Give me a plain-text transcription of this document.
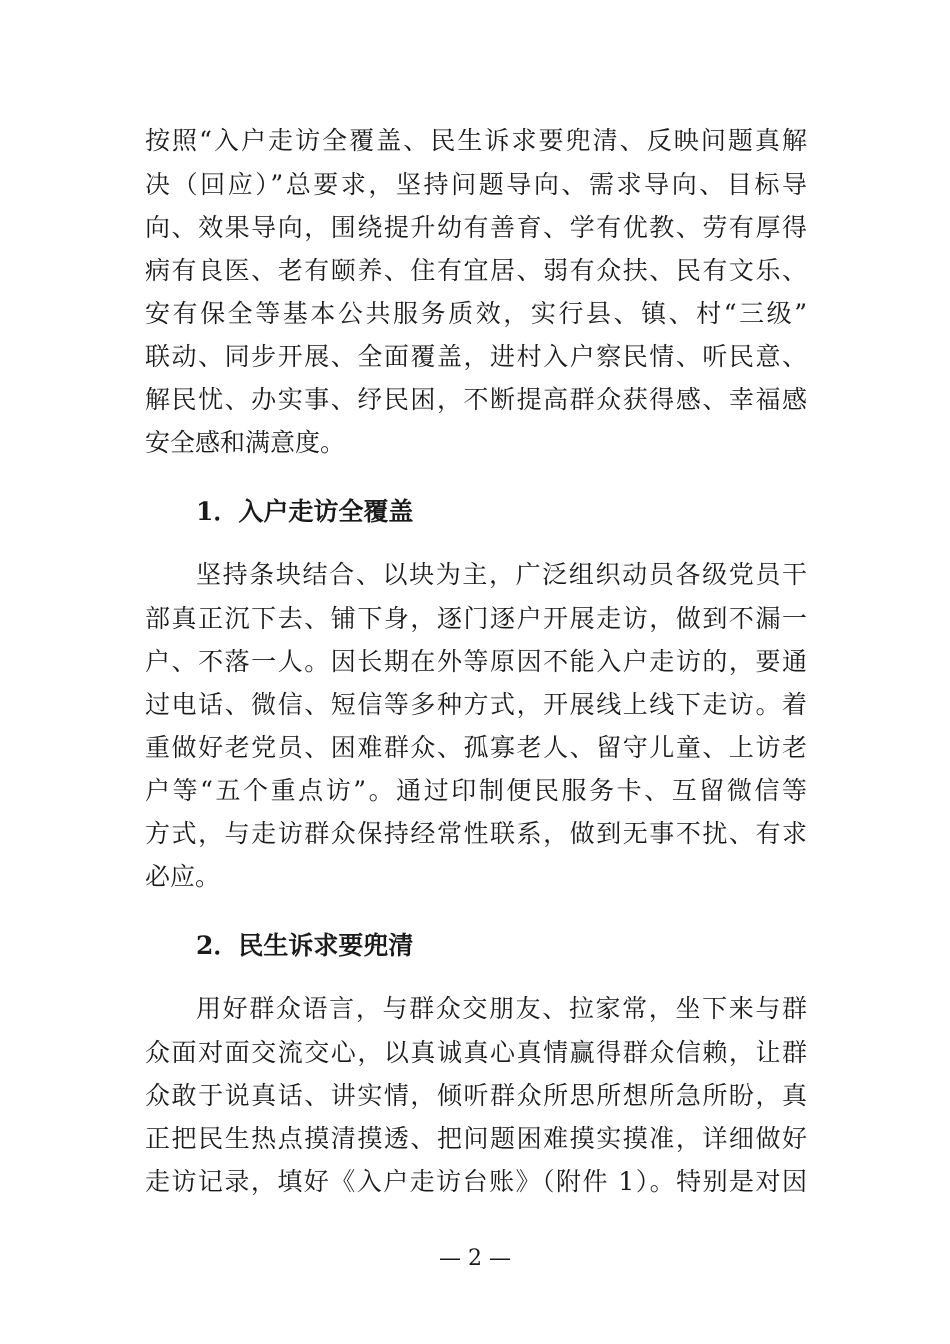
按照“入户走访全覆盖、民生诉求要兜清、反映问题真解
决（回应）”总要求，坚持问题导向、需求导向、目标导
向、效果导向，围绕提升幼有善育、学有优教、劳有厚得
病有良医、老有颐养、住有宜居、弱有众扶、民有文乐、
安有保全等基本公共服务质效，实行县、镇、村“三级”
联动、同步开展、全面覆盖，进村入户察民情、听民意、
解民忧、办实事、纾民困，不断提高群众获得感、幸福感
安全感和满意度。
1．入户走访全覆盖
坚持条块结合、以块为主，广泛组织动员各级党员干
部真正沉下去、铺下身，逐门逐户开展走访，做到不漏一
户、不落一人。因长期在外等原因不能入户走访的，要通
过电话、微信、短信等多种方式，开展线上线下走访。着
重做好老党员、困难群众、孤寡老人、留守儿童、上访老
户等“五个重点访”。通过印制便民服务卡、互留微信等
方式，与走访群众保持经常性联系，做到无事不扰、有求
必应。
2．民生诉求要兜清
用好群众语言，与群众交朋友、拉家常，坐下来与群
众面对面交流交心，以真诚真心真情赢得群众信赖，让群
众敢于说真话、讲实情，倾听群众所思所想所急所盼，真
正把民生热点摸清摸透、把问题困难摸实摸准，详细做好
走访记录，填好《入户走访台账》（附件 1）。特别是对因
— 2 —
